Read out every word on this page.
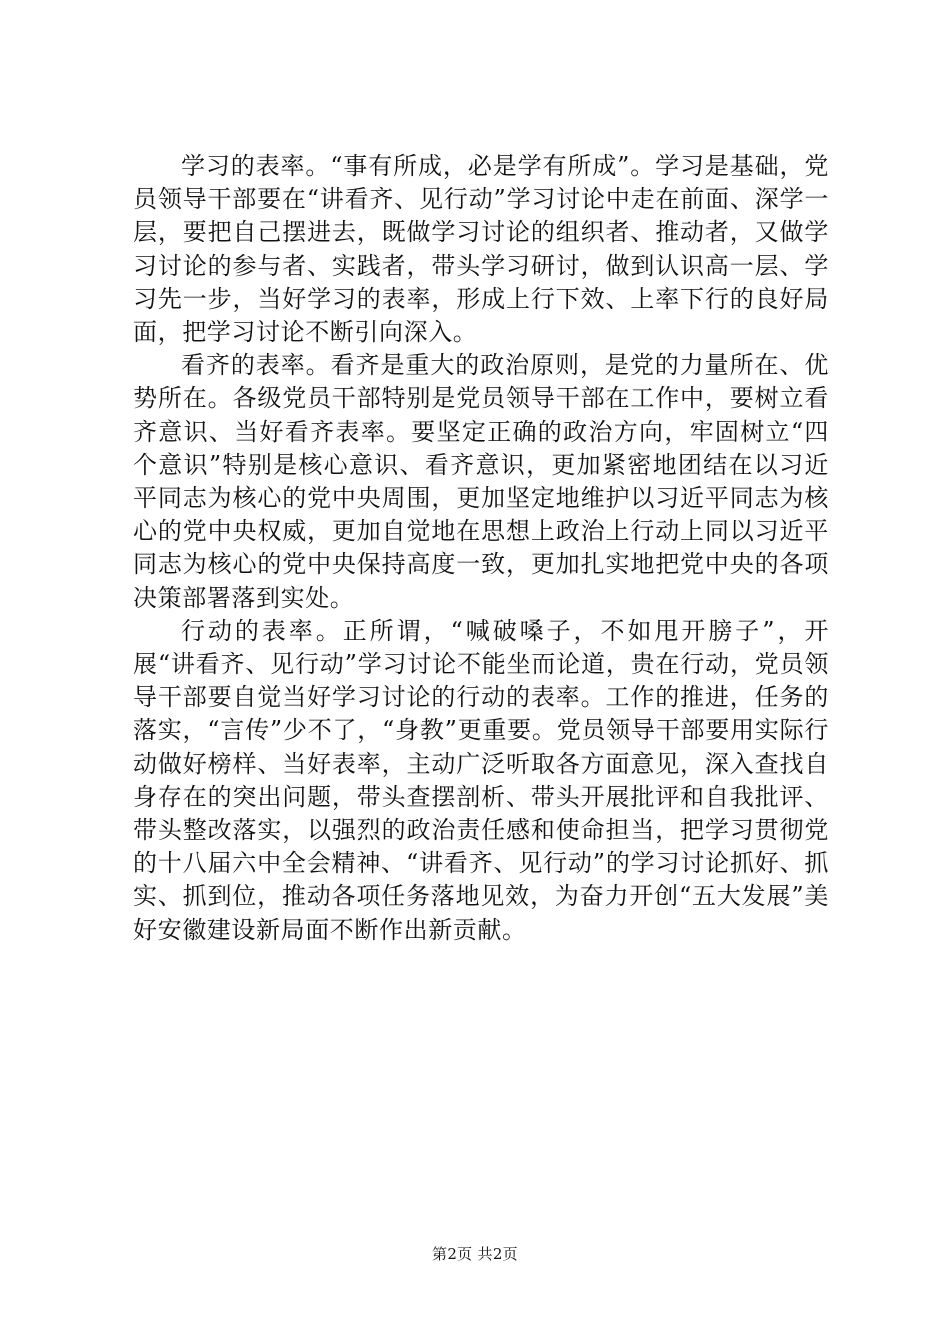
学习的表率。“事有所成，必是学有所成”。学习是基础，党员领导干部要在“讲看齐、见行动”学习讨论中走在前面、深学一层，要把自己摆进去，既做学习讨论的组织者、推动者，又做学习讨论的参与者、实践者，带头学习研讨，做到认识高一层、学习先一步，当好学习的表率，形成上行下效、上率下行的良好局面，把学习讨论不断引向深入。

看齐的表率。看齐是重大的政治原则，是党的力量所在、优势所在。各级党员干部特别是党员领导干部在工作中，要树立看齐意识、当好看齐表率。要坚定正确的政治方向，牢固树立“四个意识”特别是核心意识、看齐意识，更加紧密地团结在以习近平同志为核心的党中央周围，更加坚定地维护以习近平同志为核心的党中央权威，更加自觉地在思想上政治上行动上同以习近平同志为核心的党中央保持高度一致，更加扎实地把党中央的各项决策部署落到实处。

行动的表率。正所谓，“喊破嗓子，不如甩开膀子”，开展“讲看齐、见行动”学习讨论不能坐而论道，贵在行动，党员领导干部要自觉当好学习讨论的行动的表率。工作的推进，任务的落实，“言传”少不了，“身教”更重要。党员领导干部要用实际行动做好榜样、当好表率，主动广泛听取各方面意见，深入查找自身存在的突出问题，带头查摆剖析、带头开展批评和自我批评、带头整改落实，以强烈的政治责任感和使命担当，把学习贯彻党的十八届六中全会精神、“讲看齐、见行动”的学习讨论抓好、抓实、抓到位，推动各项任务落地见效，为奋力开创“五大发展”美好安徽建设新局面不断作出新贡献。

第2页 共2页
